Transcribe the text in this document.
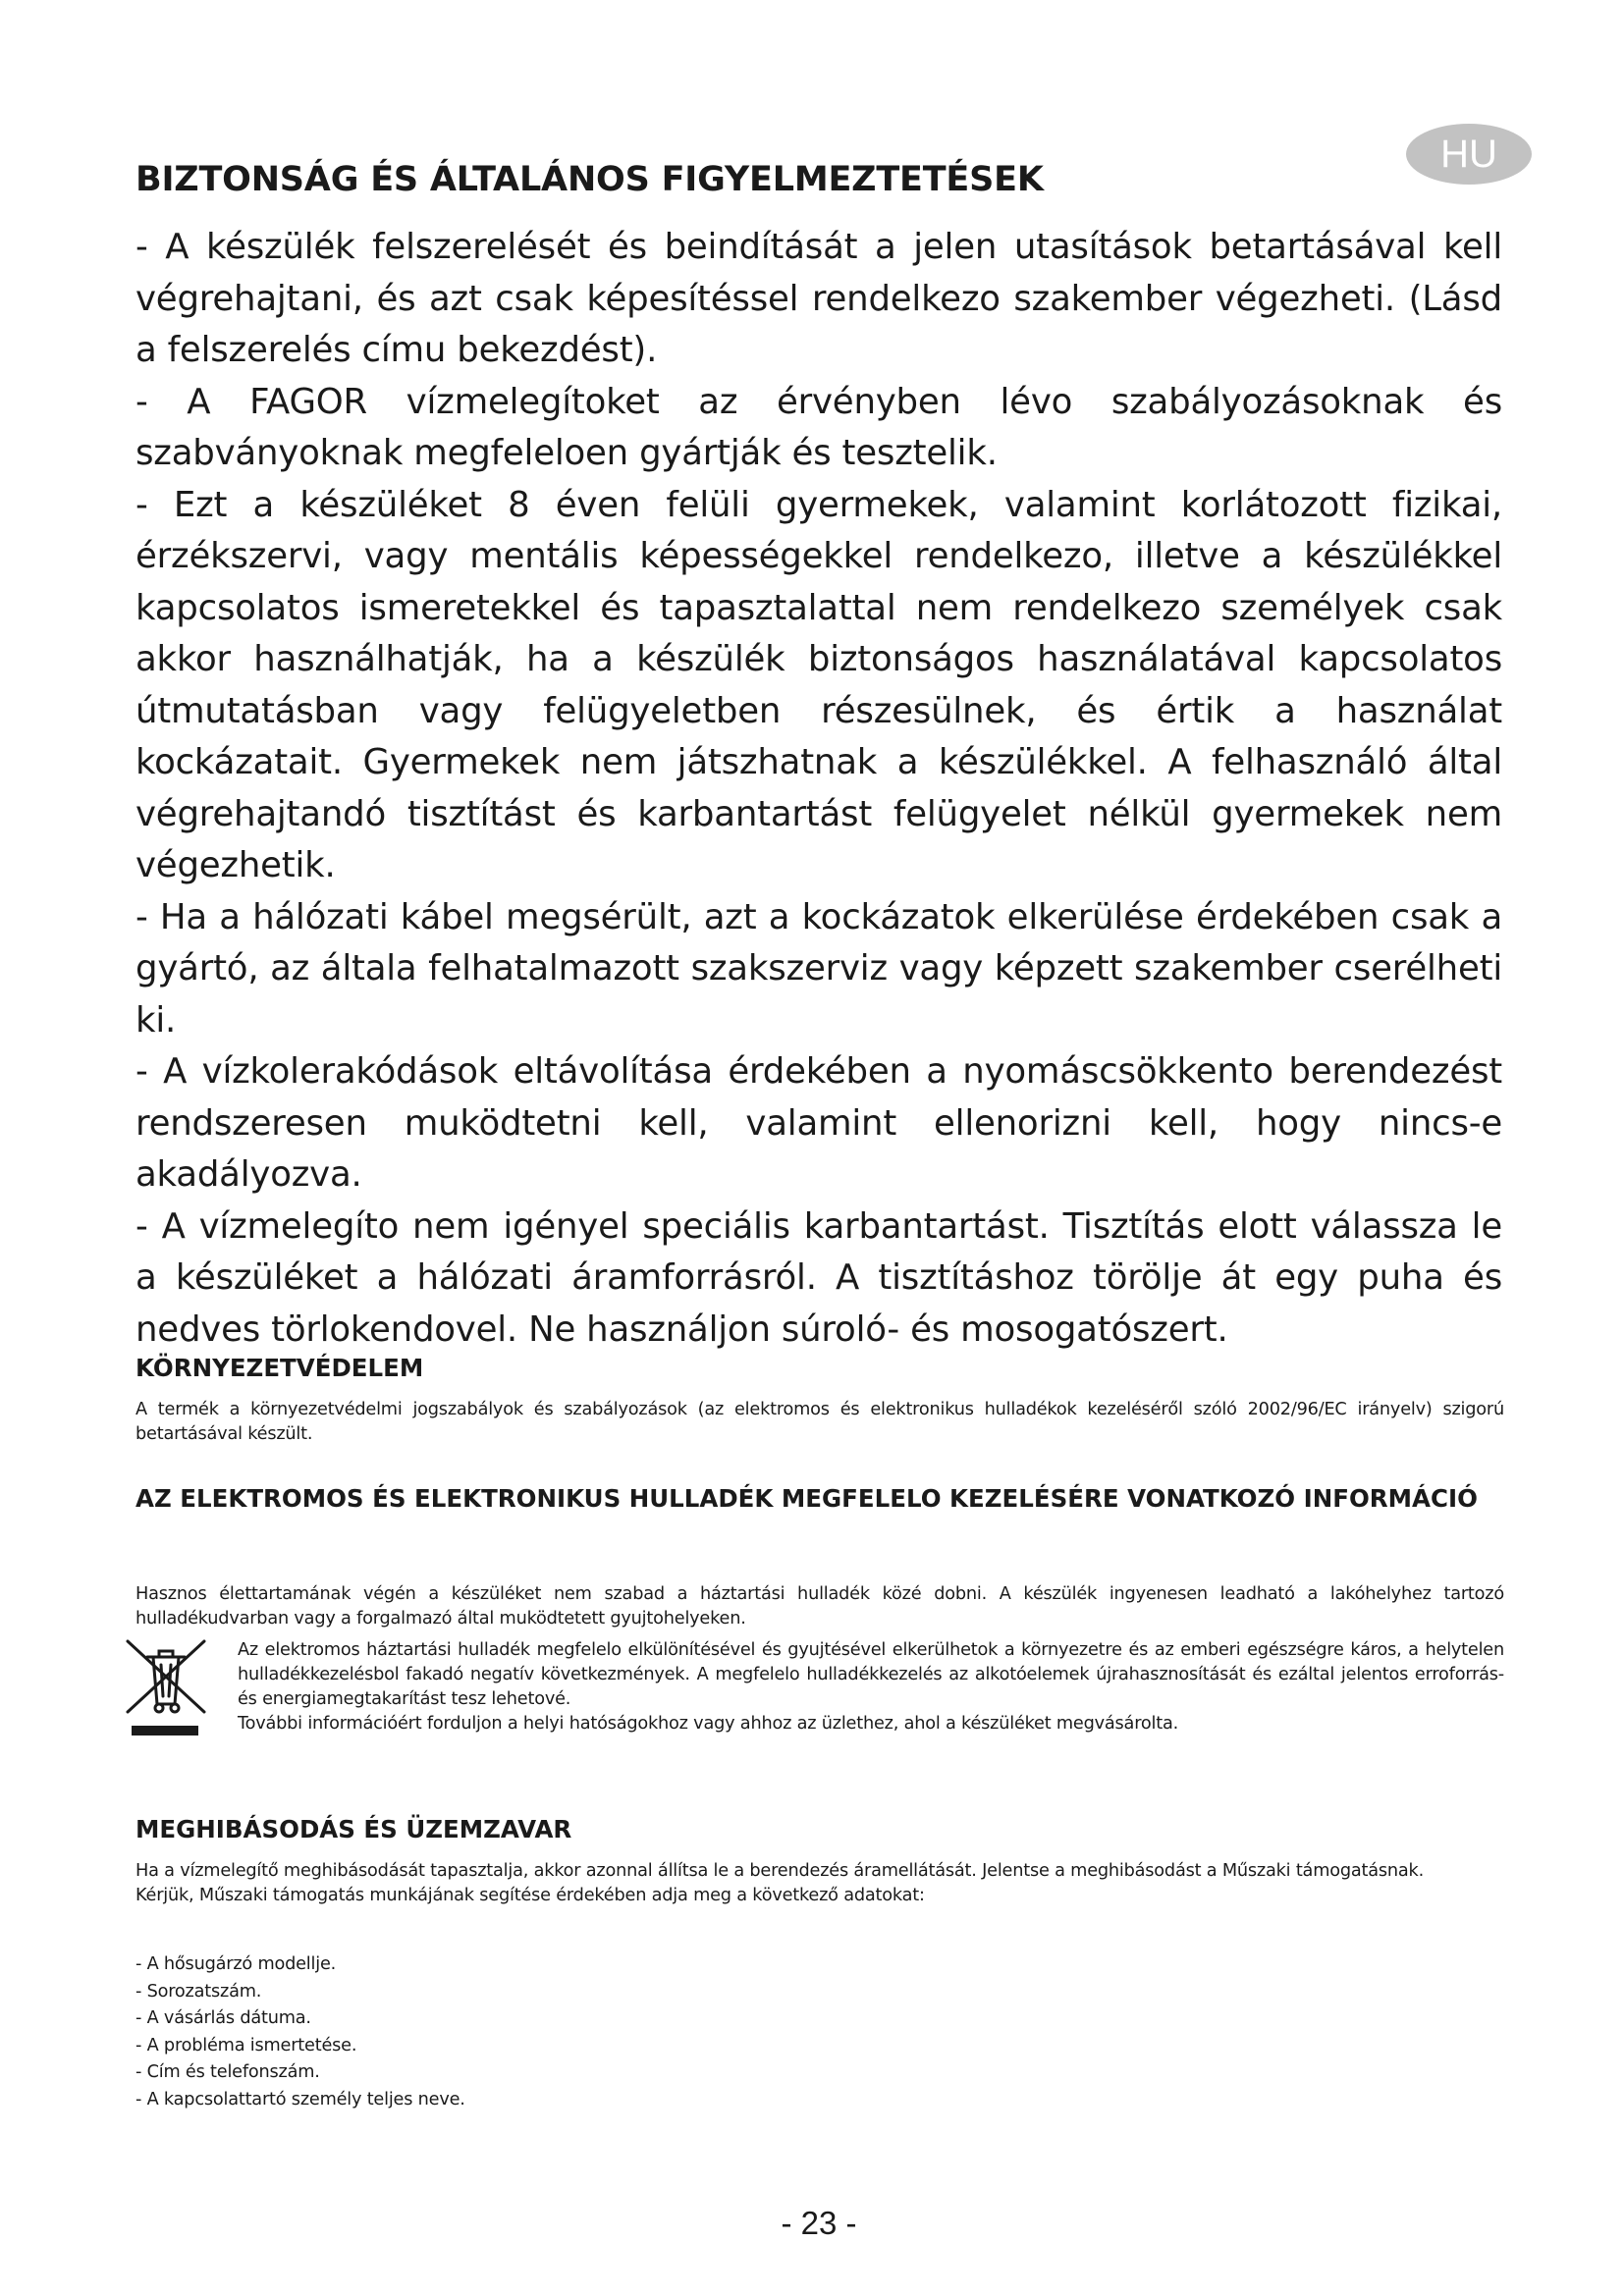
HU
BIZTONSÁG ÉS ÁLTALÁNOS FIGYELMEZTETÉSEK

- A készülék felszerelését és beindítását a jelen utasítások betartásával kell végrehajtani, és azt csak képesítéssel rendelkezo szakember végezheti. (Lásd a felszerelés címu bekezdést).

- A FAGOR vízmelegítoket az érvényben lévo szabályozásoknak és szabványoknak megfeleloen gyártják és tesztelik.

- Ezt a készüléket 8 éven felüli gyermekek, valamint korlátozott fizikai, érzékszervi, vagy mentális képességekkel rendelkezo, illetve a készülékkel kapcsolatos ismeretekkel és tapasztalattal nem rendelkezo személyek csak akkor használhatják, ha a készülék biztonságos használatával kapcsolatos útmutatásban vagy felügyeletben részesülnek, és értik a használat kockázatait. Gyermekek nem játszhatnak a készülékkel. A felhasználó által végrehajtandó tisztítást és karbantartást felügyelet nélkül gyermekek nem végezhetik.

- Ha a hálózati kábel megsérült, azt a kockázatok elkerülése érdekében csak a gyártó, az általa felhatalmazott szakszerviz vagy képzett szakember cserélheti ki.

- A vízkolerakódások eltávolítása érdekében a nyomáscsökkento berendezést rendszeresen muködtetni kell, valamint ellenorizni kell, hogy nincs-e akadályozva.

- A vízmelegíto nem igényel speciális karbantartást. Tisztítás elott válassza le a készüléket a hálózati áramforrásról. A tisztításhoz törölje át egy puha és nedves törlokendovel. Ne használjon súroló- és mosogatószert.

KÖRNYEZETVÉDELEM

A termék a környezetvédelmi jogszabályok és szabályozások (az elektromos és elektronikus hulladékok kezeléséről szóló 2002/96/EC irányelv) szigorú betartásával készült.

AZ ELEKTROMOS ÉS ELEKTRONIKUS HULLADÉK MEGFELELO KEZELÉSÉRE VONATKOZÓ INFORMÁCIÓ

Hasznos élettartamának végén a készüléket nem szabad a háztartási hulladék közé dobni. A készülék ingyenesen leadható a lakóhelyhez tartozó hulladékudvarban vagy a forgalmazó által muködtetett gyujtohelyeken.

Az elektromos háztartási hulladék megfelelo elkülönítésével és gyujtésével elkerülhetok a környezetre és az emberi egészségre káros, a helytelen hulladékkezelésbol fakadó negatív következmények. A megfelelo hulladékkezelés az alkotóelemek újrahasznosítását és ezáltal jelentos erroforrás- és energiamegtakarítást tesz lehetové.
További információért forduljon a helyi hatóságokhoz vagy ahhoz az üzlethez, ahol a készüléket megvásárolta.
MEGHIBÁSODÁS ÉS ÜZEMZAVAR

Ha a vízmelegítő meghibásodását tapasztalja, akkor azonnal állítsa le a berendezés áramellátását. Jelentse a meghibásodást a Műszaki támogatásnak.
Kérjük, Műszaki támogatás munkájának segítése érdekében adja meg a következő adatokat:

- A hősugárzó modellje.
- Sorozatszám.
- A vásárlás dátuma.
- A probléma ismertetése.
- Cím és telefonszám.
- A kapcsolattartó személy teljes neve.
- 23 -
